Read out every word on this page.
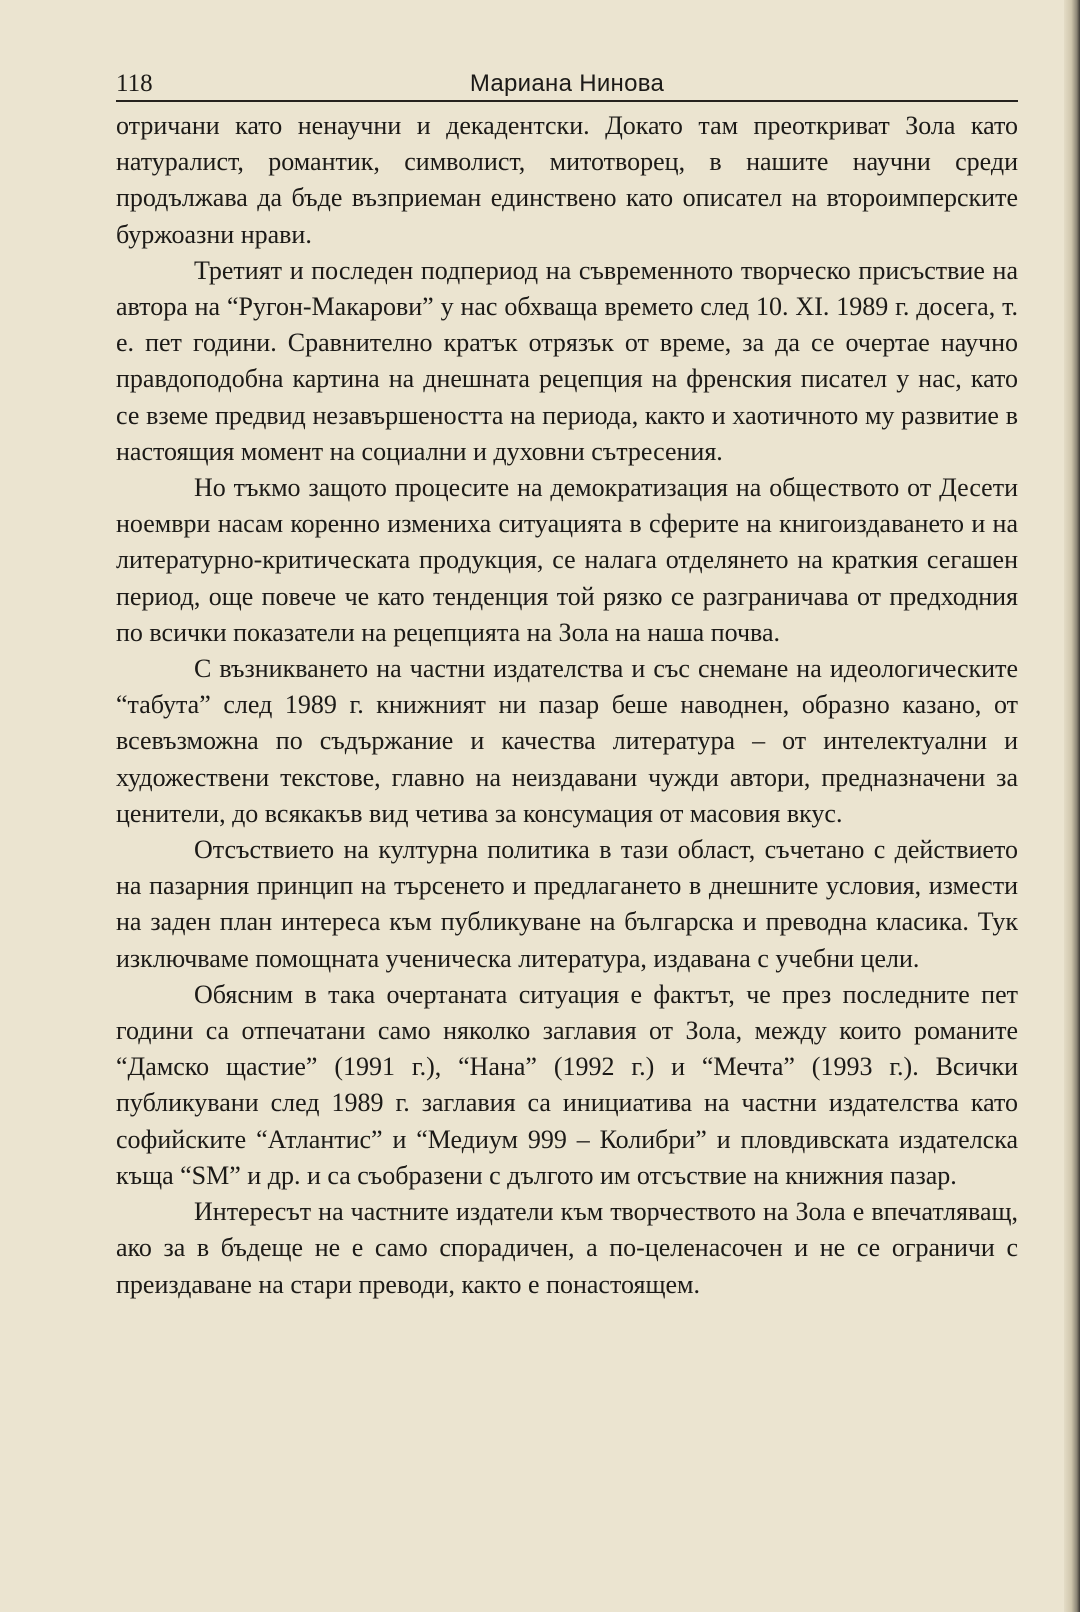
118	Мариана Нинова

отричани като ненаучни и декадентски. Докато там преоткриват Зола като натуралист, романтик, символист, митотворец, в нашите научни среди продължава да бъде възприеман единствено като описател на второимперските буржоазни нрави.

Третият и последен подпериод на съвременното творческо присъствие на автора на “Ругон-Макарови” у нас обхваща времето след 10. XI. 1989 г. досега, т. е. пет години. Сравнително кратък отрязък от време, за да се очертае научно правдоподобна картина на днешната рецепция на френския писател у нас, като се вземе предвид незавършеността на периода, както и хаотичното му развитие в настоящия момент на социални и духовни сътресения.

Но тъкмо защото процесите на демократизация на обществото от Десети ноември насам коренно измениха ситуацията в сферите на книгоиздаването и на литературно-критическата продукция, се налага отделянето на краткия сегашен период, още повече че като тенденция той рязко се разграничава от предходния по всички показатели на рецепцията на Зола на наша почва.

С възникването на частни издателства и със снемане на идеологическите “табута” след 1989 г. книжният ни пазар беше наводнен, образно казано, от всевъзможна по съдържание и качества литература – от интелектуални и художествени текстове, главно на неиздавани чужди автори, предназначени за ценители, до всякакъв вид четива за консумация от масовия вкус.

Отсъствието на културна политика в тази област, съчетано с действието на пазарния принцип на търсенето и предлагането в днешните условия, измести на заден план интереса към публикуване на българска и преводна класика. Тук изключваме помощната ученическа литература, издавана с учебни цели.

Обясним в така очертаната ситуация е фактът, че през последните пет години са отпечатани само няколко заглавия от Зола, между които романите “Дамско щастие” (1991 г.), “Нана” (1992 г.) и “Мечта” (1993 г.). Всички публикувани след 1989 г. заглавия са инициатива на частни издателства като софийските “Атлантис” и “Медиум 999 – Колибри” и пловдивската издателска къща “SM” и др. и са съобразени с дългото им отсъствие на книжния пазар.

Интересът на частните издатели към творчеството на Зола е впечатляващ, ако за в бъдеще не е само спорадичен, а по-целенасочен и не се ограничи с преиздаване на стари преводи, както е понастоящем.
